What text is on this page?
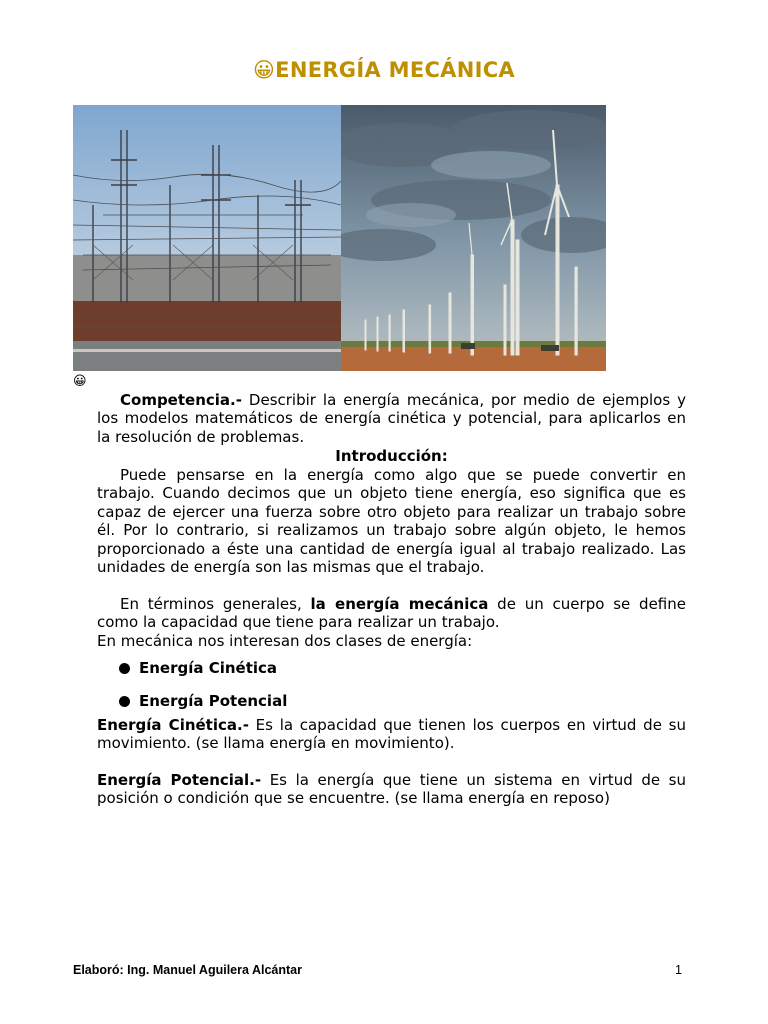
😀ENERGÍA MECÁNICA
😀

Competencia.- Describir la energía mecánica, por medio de ejemplos y los modelos matemáticos de energía cinética y potencial, para aplicarlos en la resolución de problemas.

Introducción:

Puede pensarse en la energía como algo que se puede convertir en trabajo. Cuando decimos que un objeto tiene energía, eso significa que es capaz de ejercer una fuerza sobre otro objeto para realizar un trabajo sobre él. Por lo contrario, si realizamos un trabajo sobre algún objeto, le hemos proporcionado a éste una cantidad de energía igual al trabajo realizado. Las unidades de energía son las mismas que el trabajo.

En términos generales, la energía mecánica de un cuerpo se define como la capacidad que tiene para realizar un trabajo.

En mecánica nos interesan dos clases de energía:
Energía Cinética
Energía Potencial

Energía Cinética.- Es la capacidad que tienen los cuerpos en virtud de su movimiento. (se llama energía en movimiento).

Energía Potencial.- Es la energía que tiene un sistema en virtud de su posición o condición que se encuentre. (se llama energía en reposo)

Elaboró: Ing. Manuel Aguilera Alcántar	1
